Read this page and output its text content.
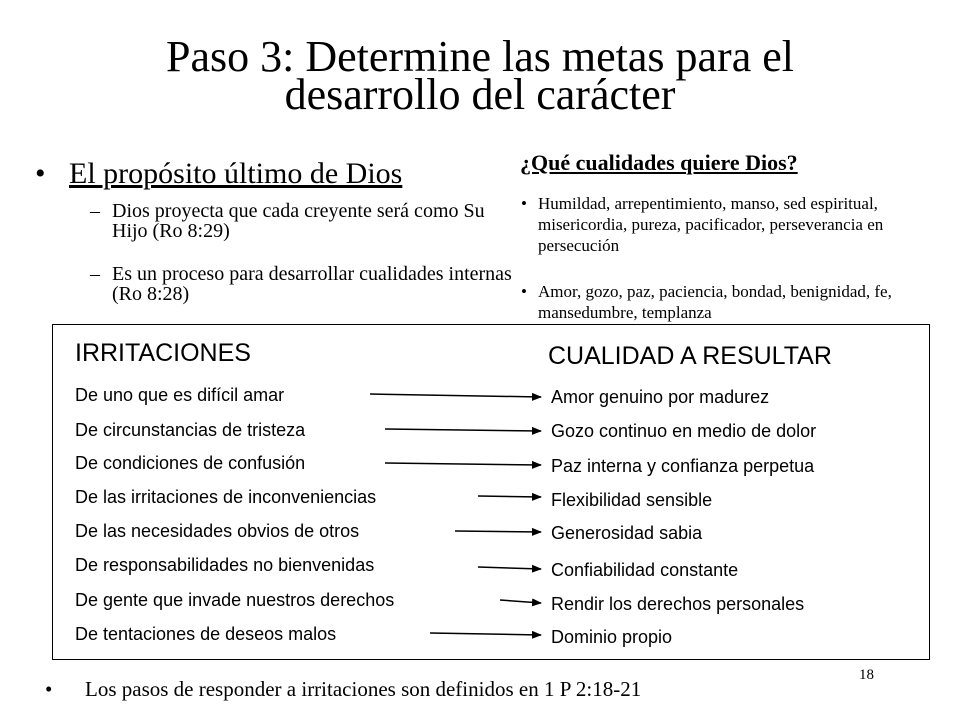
Paso 3: Determine las metas para el
desarrollo del carácter
• El propósito último de Dios
– Dios proyecta que cada creyente será como Su Hijo (Ro 8:29)
– Es un proceso para desarrollar cualidades internas (Ro 8:28)
¿Qué cualidades quiere Dios?
• Humildad, arrepentimiento, manso, sed espiritual, misericordia, pureza, pacificador, perseverancia en persecución
• Amor, gozo, paz, paciencia, bondad, benignidad, fe, mansedumbre, templanza
IRRITACIONES	CUALIDAD A RESULTAR
De uno que es difícil amar
De circunstancias de tristeza
De condiciones de confusión
De las irritaciones de inconveniencias
De las necesidades obvios de otros
De responsabilidades no bienvenidas
De gente que invade nuestros derechos
De tentaciones de deseos malos
Amor genuino por madurez
Gozo continuo en medio de dolor
Paz interna y confianza perpetua
Flexibilidad sensible
Generosidad sabia
Confiabilidad constante
Rendir los derechos personales
Dominio propio
18
• Los pasos de responder a irritaciones son definidos en 1 P 2:18-21
